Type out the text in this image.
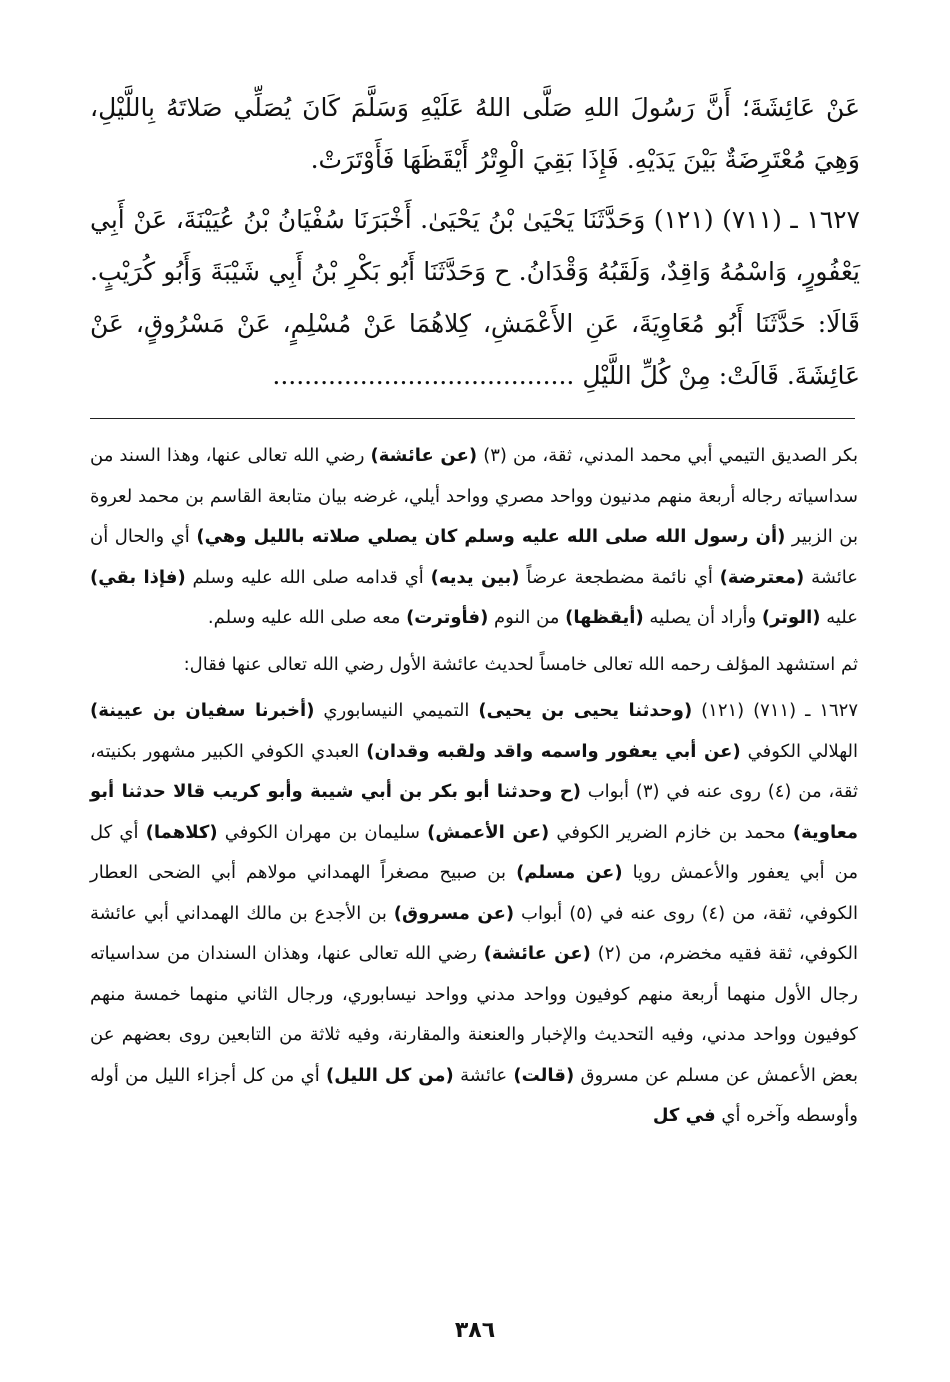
عَنْ عَائِشَةَ؛ أَنَّ رَسُولَ اللهِ صَلَّى اللهُ عَلَيْهِ وَسَلَّمَ كَانَ يُصَلِّي صَلاتَهُ بِاللَّيْلِ، وَهِيَ مُعْتَرِضَةٌ بَيْنَ يَدَيْهِ. فَإِذَا بَقِيَ الْوِتْرُ أَيْقَظَهَا فَأَوْتَرَتْ.

١٦٢٧ ـ (٧١١) (١٢١) وَحَدَّثَنَا يَحْيَىٰ بْنُ يَحْيَىٰ. أَخْبَرَنَا سُفْيَانُ بْنُ عُيَيْنَةَ، عَنْ أَبِي يَعْفُورٍ، وَاسْمُهُ وَاقِدٌ، وَلَقَبُهُ وَقْدَانُ. ح وَحَدَّثَنَا أَبُو بَكْرِ بْنُ أَبِي شَيْبَةَ وَأَبُو كُرَيْبٍ. قَالَا: حَدَّثَنَا أَبُو مُعَاوِيَةَ، عَنِ الأَعْمَشِ، كِلاهُمَا عَنْ مُسْلِمٍ، عَنْ مَسْرُوقٍ، عَنْ عَائِشَةَ. قَالَتْ: مِنْ كُلِّ اللَّيْلِ ......................................

بكر الصديق التيمي أبي محمد المدني، ثقة، من (٣) (عن عائشة) رضي الله تعالى عنها، وهذا السند من سداسياته رجاله أربعة منهم مدنيون وواحد مصري وواحد أيلي، غرضه بيان متابعة القاسم بن محمد لعروة بن الزبير (أن رسول الله صلى الله عليه وسلم كان يصلي صلاته بالليل وهي) أي والحال أن عائشة (معترضة) أي نائمة مضطجعة عرضاً (بين يديه) أي قدامه صلى الله عليه وسلم (فإذا بقي) عليه (الوتر) وأراد أن يصليه (أيقظها) من النوم (فأوترت) معه صلى الله عليه وسلم.

ثم استشهد المؤلف رحمه الله تعالى خامساً لحديث عائشة الأول رضي الله تعالى عنها فقال:

١٦٢٧ ـ (٧١١) (١٢١) (وحدثنا يحيى بن يحيى) التميمي النيسابوري (أخبرنا سفيان بن عيينة) الهلالي الكوفي (عن أبي يعفور واسمه واقد ولقبه وقدان) العبدي الكوفي الكبير مشهور بكنيته، ثقة، من (٤) روى عنه في (٣) أبواب (ح وحدثنا أبو بكر بن أبي شيبة وأبو كريب قالا حدثنا أبو معاوية) محمد بن خازم الضرير الكوفي (عن الأعمش) سليمان بن مهران الكوفي (كلاهما) أي كل من أبي يعفور والأعمش رويا (عن مسلم) بن صبيح مصغراً الهمداني مولاهم أبي الضحى العطار الكوفي، ثقة، من (٤) روى عنه في (٥) أبواب (عن مسروق) بن الأجدع بن مالك الهمداني أبي عائشة الكوفي، ثقة فقيه مخضرم، من (٢) (عن عائشة) رضي الله تعالى عنها، وهذان السندان من سداسياته رجال الأول منهما أربعة منهم كوفيون وواحد مدني وواحد نيسابوري، ورجال الثاني منهما خمسة منهم كوفيون وواحد مدني، وفيه التحديث والإخبار والعنعنة والمقارنة، وفيه ثلاثة من التابعين روى بعضهم عن بعض الأعمش عن مسلم عن مسروق (قالت) عائشة (من كل الليل) أي من كل أجزاء الليل من أوله وأوسطه وآخره أي في كل

٣٨٦
